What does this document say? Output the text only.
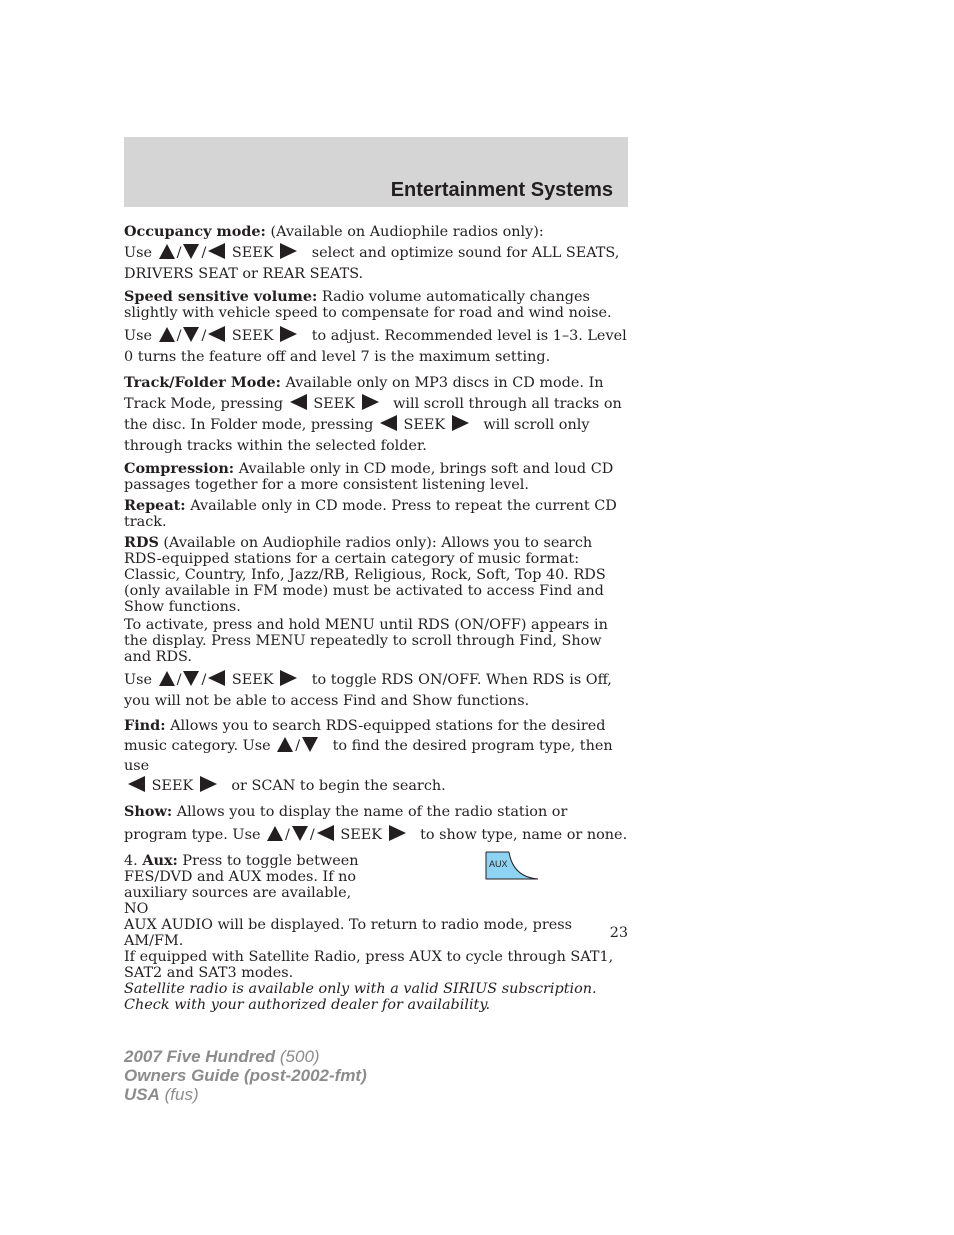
Entertainment Systems

Occupancy mode: (Available on Audiophile radios only):
Use / / SEEK	select and optimize sound for ALL SEATS, DRIVERS SEAT or REAR SEATS.

Speed sensitive volume: Radio volume automatically changes slightly with vehicle speed to compensate for road and wind noise.

Use / / SEEK	to adjust. Recommended level is 1–3. Level 0 turns the feature off and level 7 is the maximum setting.

Track/Folder Mode: Available only on MP3 discs in CD mode. In Track Mode, pressing SEEK	will scroll through all tracks on the disc. In Folder mode, pressing SEEK	will scroll only through tracks within the selected folder.

Compression: Available only in CD mode, brings soft and loud CD passages together for a more consistent listening level.

Repeat: Available only in CD mode. Press to repeat the current CD track.

RDS (Available on Audiophile radios only): Allows you to search RDS-equipped stations for a certain category of music format: Classic, Country, Info, Jazz/RB, Religious, Rock, Soft, Top 40. RDS (only available in FM mode) must be activated to access Find and Show functions.

To activate, press and hold MENU until RDS (ON/OFF) appears in the display. Press MENU repeatedly to scroll through Find, Show and RDS.

Use / / SEEK	to toggle RDS ON/OFF. When RDS is Off, you will not be able to access Find and Show functions.

Find: Allows you to search RDS-equipped stations for the desired music category. Use / to find the desired program type, then use
SEEK	or SCAN to begin the search.

Show: Allows you to display the name of the radio station or program type. Use / / SEEK	to show type, name or none.

4. Aux: Press to toggle between FES/DVD and AUX modes. If no auxiliary sources are available, NO

AUX

AUX AUDIO will be displayed. To return to radio mode, press AM/FM.

If equipped with Satellite Radio, press AUX to cycle through SAT1, SAT2 and SAT3 modes.

Satellite radio is available only with a valid SIRIUS subscription. Check with your authorized dealer for availability.

23
2007 Five Hundred (500)
Owners Guide (post-2002-fmt)
USA (fus)
